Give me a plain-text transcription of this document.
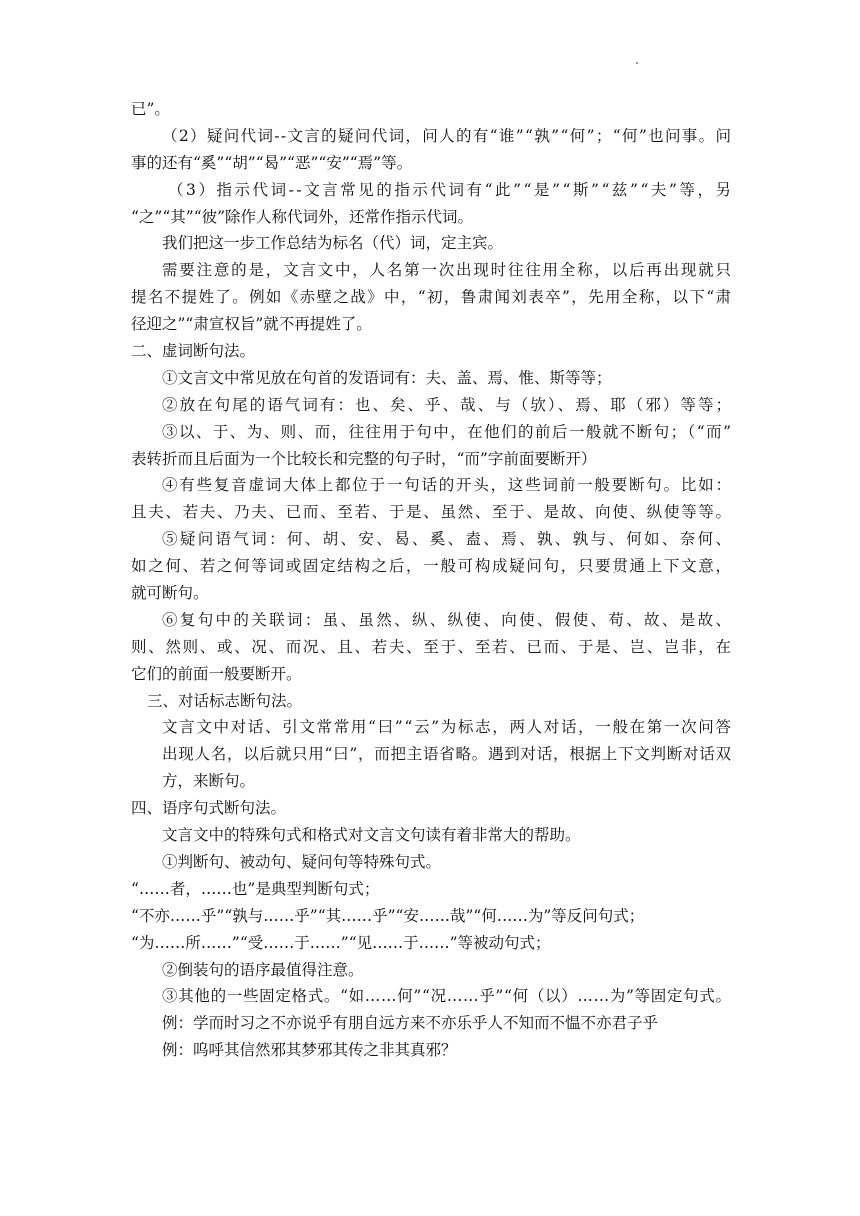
已”。
（2）疑问代词--文言的疑问代词，问人的有“谁”“孰”“何”；“何”也问事。问
事的还有“奚”“胡”“曷”“恶”“安”“焉”等。
（3）指示代词--文言常见的指示代词有“此”“是”“斯”“兹”“夫”等，另
“之”“其”“彼”除作人称代词外，还常作指示代词。
我们把这一步工作总结为标名（代）词，定主宾。
需要注意的是，文言文中，人名第一次出现时往往用全称，以后再出现就只
提名不提姓了。例如《赤壁之战》中，“初，鲁肃闻刘表卒”，先用全称，以下“肃
径迎之”“肃宣权旨”就不再提姓了。
二、虚词断句法。
①文言文中常见放在句首的发语词有：夫、盖、焉、惟、斯等等；
②放在句尾的语气词有：也、矣、乎、哉、与（欤）、焉、耶（邪）等等；
③以、于、为、则、而，往往用于句中，在他们的前后一般就不断句；（“而”
表转折而且后面为一个比较长和完整的句子时，“而”字前面要断开）
④有些复音虚词大体上都位于一句话的开头，这些词前一般要断句。比如：
且夫、若夫、乃夫、已而、至若、于是、虽然、至于、是故、向使、纵使等等。
⑤疑问语气词：何、胡、安、曷、奚、盍、焉、孰、孰与、何如、奈何、
如之何、若之何等词或固定结构之后，一般可构成疑问句，只要贯通上下文意，
就可断句。
⑥复句中的关联词：虽、虽然、纵、纵使、向使、假使、苟、故、是故、
则、然则、或、况、而况、且、若夫、至于、至若、已而、于是、岂、岂非，在
它们的前面一般要断开。
三、对话标志断句法。
文言文中对话、引文常常用“曰”“云”为标志，两人对话，一般在第一次问答
出现人名，以后就只用“曰”，而把主语省略。遇到对话，根据上下文判断对话双
方，来断句。
四、语序句式断句法。
文言文中的特殊句式和格式对文言文句读有着非常大的帮助。
①判断句、被动句、疑问句等特殊句式。
“……者，……也”是典型判断句式；
“不亦……乎”“孰与……乎”“其……乎”“安……哉”“何……为”等反问句式；
“为……所……”“受……于……”“见……于……”等被动句式；
②倒装句的语序最值得注意。
③其他的一些固定格式。“如……何”“况……乎”“何（以）……为”等固定句式。
例：学而时习之不亦说乎有朋自远方来不亦乐乎人不知而不愠不亦君子乎
例：呜呼其信然邪其梦邪其传之非其真邪？
